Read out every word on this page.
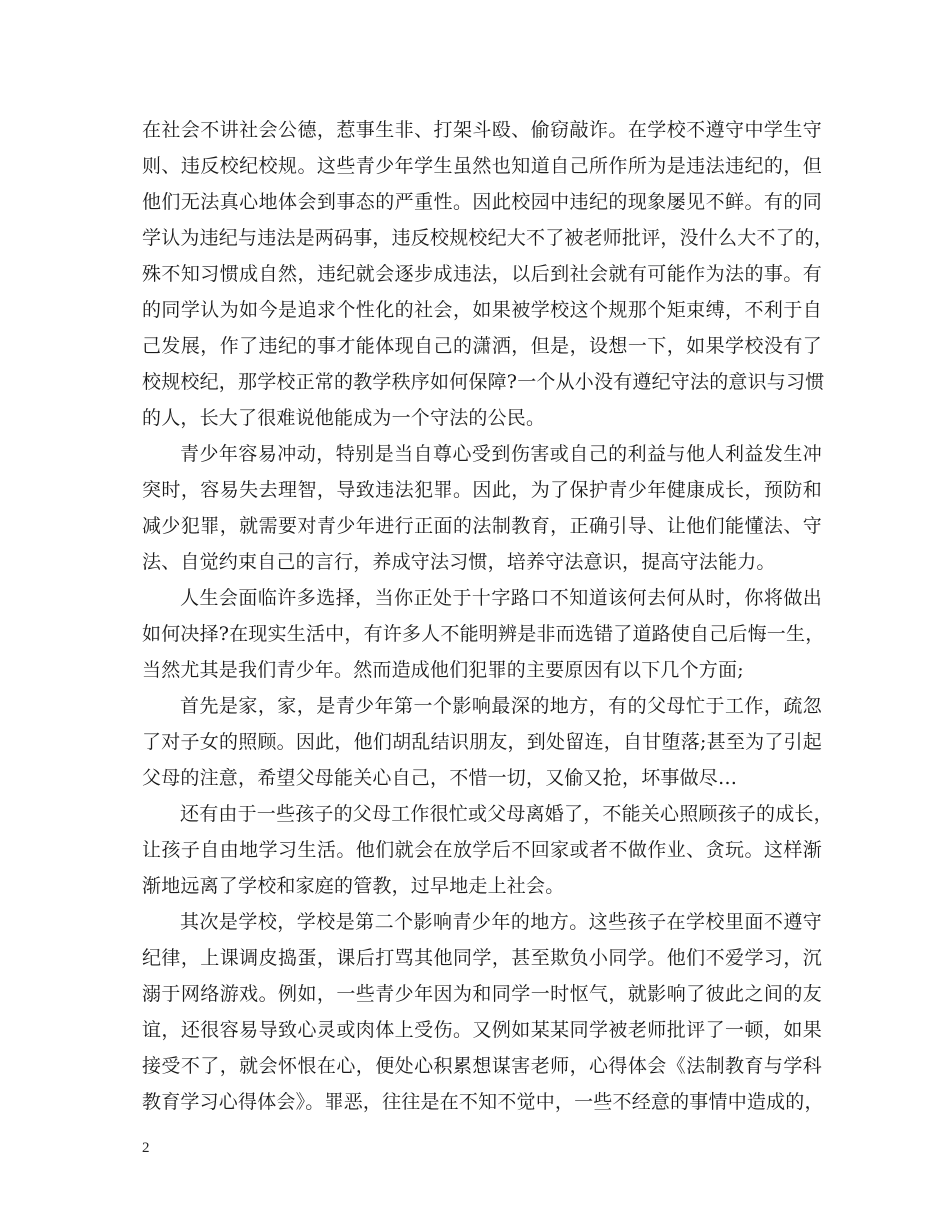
在社会不讲社会公德，惹事生非、打架斗殴、偷窃敲诈。在学校不遵守中学生守
则、违反校纪校规。这些青少年学生虽然也知道自己所作所为是违法违纪的，但
他们无法真心地体会到事态的严重性。因此校园中违纪的现象屡见不鲜。有的同
学认为违纪与违法是两码事，违反校规校纪大不了被老师批评，没什么大不了的，
殊不知习惯成自然，违纪就会逐步成违法，以后到社会就有可能作为法的事。有
的同学认为如今是追求个性化的社会，如果被学校这个规那个矩束缚，不利于自
己发展，作了违纪的事才能体现自己的潇洒，但是，设想一下，如果学校没有了
校规校纪，那学校正常的教学秩序如何保障?一个从小没有遵纪守法的意识与习惯
的人，长大了很难说他能成为一个守法的公民。
青少年容易冲动，特别是当自尊心受到伤害或自己的利益与他人利益发生冲
突时，容易失去理智，导致违法犯罪。因此，为了保护青少年健康成长，预防和
减少犯罪，就需要对青少年进行正面的法制教育，正确引导、让他们能懂法、守
法、自觉约束自己的言行，养成守法习惯，培养守法意识，提高守法能力。
人生会面临许多选择，当你正处于十字路口不知道该何去何从时，你将做出
如何决择?在现实生活中，有许多人不能明辨是非而选错了道路使自己后悔一生，
当然尤其是我们青少年。然而造成他们犯罪的主要原因有以下几个方面;
首先是家，家，是青少年第一个影响最深的地方，有的父母忙于工作，疏忽
了对子女的照顾。因此，他们胡乱结识朋友，到处留连，自甘堕落;甚至为了引起
父母的注意，希望父母能关心自己，不惜一切，又偷又抢，坏事做尽…
还有由于一些孩子的父母工作很忙或父母离婚了，不能关心照顾孩子的成长，
让孩子自由地学习生活。他们就会在放学后不回家或者不做作业、贪玩。这样渐
渐地远离了学校和家庭的管教，过早地走上社会。
其次是学校，学校是第二个影响青少年的地方。这些孩子在学校里面不遵守
纪律，上课调皮捣蛋，课后打骂其他同学，甚至欺负小同学。他们不爱学习，沉
溺于网络游戏。例如，一些青少年因为和同学一时怄气，就影响了彼此之间的友
谊，还很容易导致心灵或肉体上受伤。又例如某某同学被老师批评了一顿，如果
接受不了，就会怀恨在心，便处心积累想谋害老师，心得体会《法制教育与学科
教育学习心得体会》。罪恶，往往是在不知不觉中，一些不经意的事情中造成的，
2
